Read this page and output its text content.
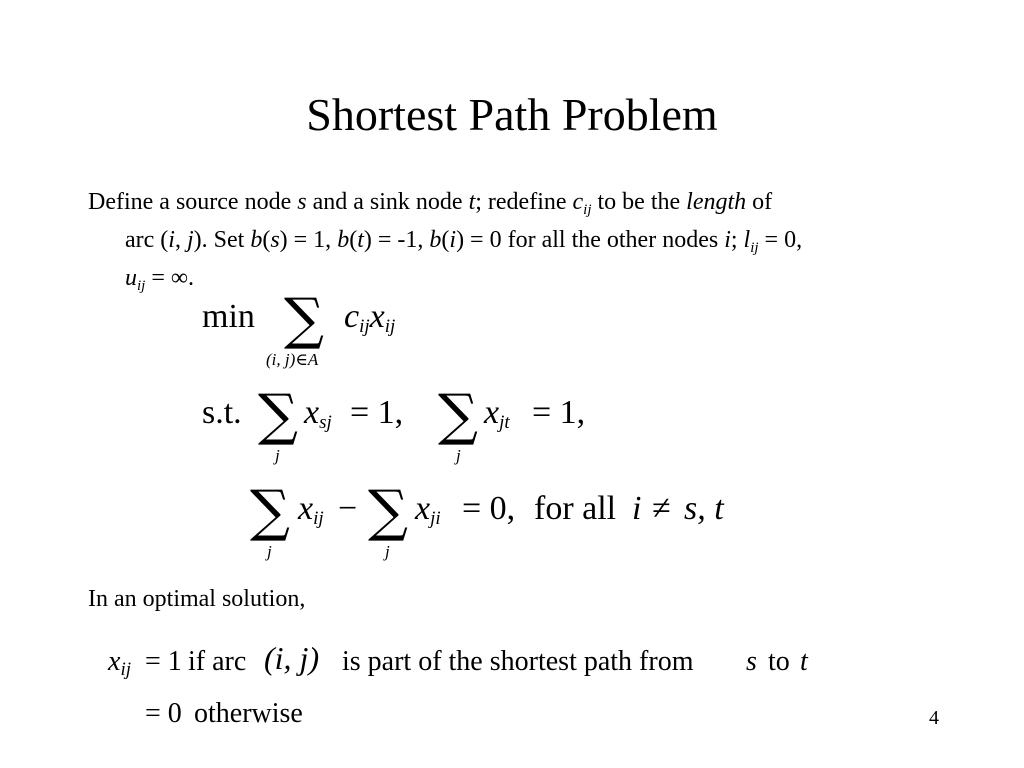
Shortest Path Problem
Define a source node s and a sink node t; redefine $c_{ij}$ to be the length of
arc (i, j). Set b(s) = 1, b(t) = -1, b(i) = 0 for all the other nodes i; $l_{ij} = 0$,
$u_{ij}$ = ∞.
min ∑
(i, j)∈A
$c_{ij}x_{ij}$
s.t. ∑
j
$x_{sj} = 1$, ∑
j
$x_{jt} = 1$,
∑
j
$x_{ij}$ − ∑
j
$x_{ji} = 0$, for all i ≠ s, t
In an optimal solution,
$x_{ij} = 1$ if arc (i, j) is part of the shortest path from s to t
= 0 otherwise	4
